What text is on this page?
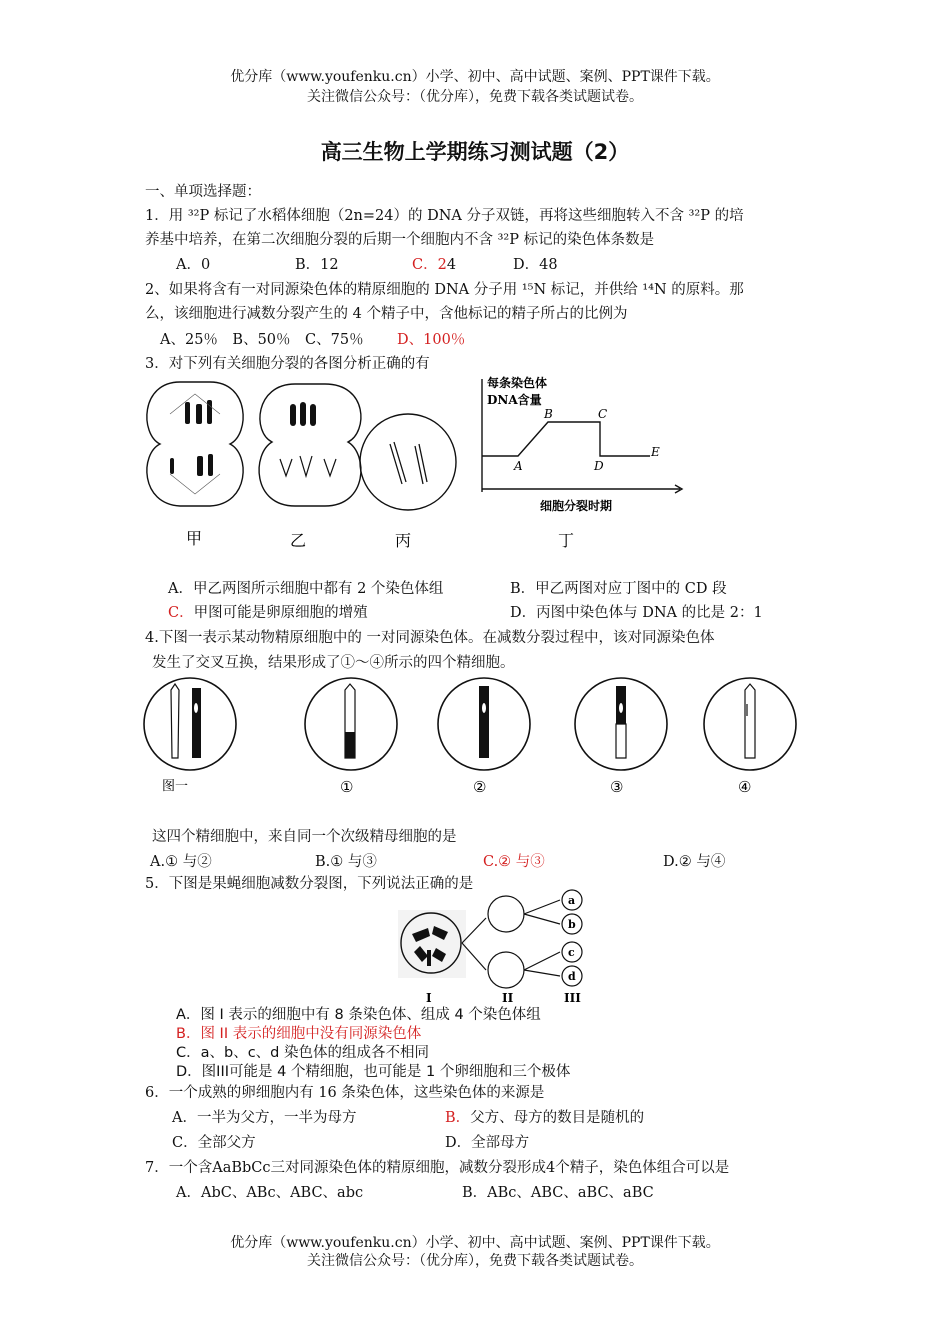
优分库（www.youfenku.cn）小学、初中、高中试题、案例、PPT课件下载。
关注微信公众号：（优分库），免费下载各类试题试卷。
高三生物上学期练习测试题（2）
一、单项选择题：
1．用 ³²P 标记了水稻体细胞（2n=24）的 DNA 分子双链，再将这些细胞转入不含 ³²P 的培
养基中培养，在第二次细胞分裂的后期一个细胞内不含 ³²P 标记的染色体条数是
A．0	B．12	C．24	D．48
2、如果将含有一对同源染色体的精原细胞的 DNA 分子用 ¹⁵N 标记，并供给 ¹⁴N 的原料。那
么，该细胞进行减数分裂产生的 4 个精子中，含他标记的精子所占的比例为
A、25％　B、50％　C、75％ D、100％
3．对下列有关细胞分裂的各图分析正确的有
每条染色体
DNA含量
A
B	C
D
E
细胞分裂时期
甲	乙	丙	丁
A．甲乙两图所示细胞中都有 2 个染色体组	B．甲乙两图对应丁图中的 CD 段
C．甲图可能是卵原细胞的增殖	D．丙图中染色体与 DNA 的比是 2：1
4.下图一表示某动物精原细胞中的 一对同源染色体。在减数分裂过程中，该对同源染色体
发生了交叉互换，结果形成了①～④所示的四个精细胞。
图一	①	②	③	④
这四个精细胞中，来自同一个次级精母细胞的是
A.① 与②	B.① 与③	C.② 与③	D.② 与④
5．下图是果蝇细胞减数分裂图，下列说法正确的是
a
b
c
d
I	II	III
A．图 I 表示的细胞中有 8 条染色体、组成 4 个染色体组
B．图 II 表示的细胞中没有同源染色体
C．a、b、c、d 染色体的组成各不相同
D．图III可能是 4 个精细胞，也可能是 1 个卵细胞和三个极体
6．一个成熟的卵细胞内有 16 条染色体，这些染色体的来源是
A．一半为父方，一半为母方	B．父方、母方的数目是随机的
C．全部父方	D．全部母方
7．一个含AaBbCc三对同源染色体的精原细胞，减数分裂形成4个精子，染色体组合可以是
A．AbC、ABc、ABC、abc	B．ABc、ABC、aBC、aBC
优分库（www.youfenku.cn）小学、初中、高中试题、案例、PPT课件下载。
关注微信公众号：（优分库），免费下载各类试题试卷。
